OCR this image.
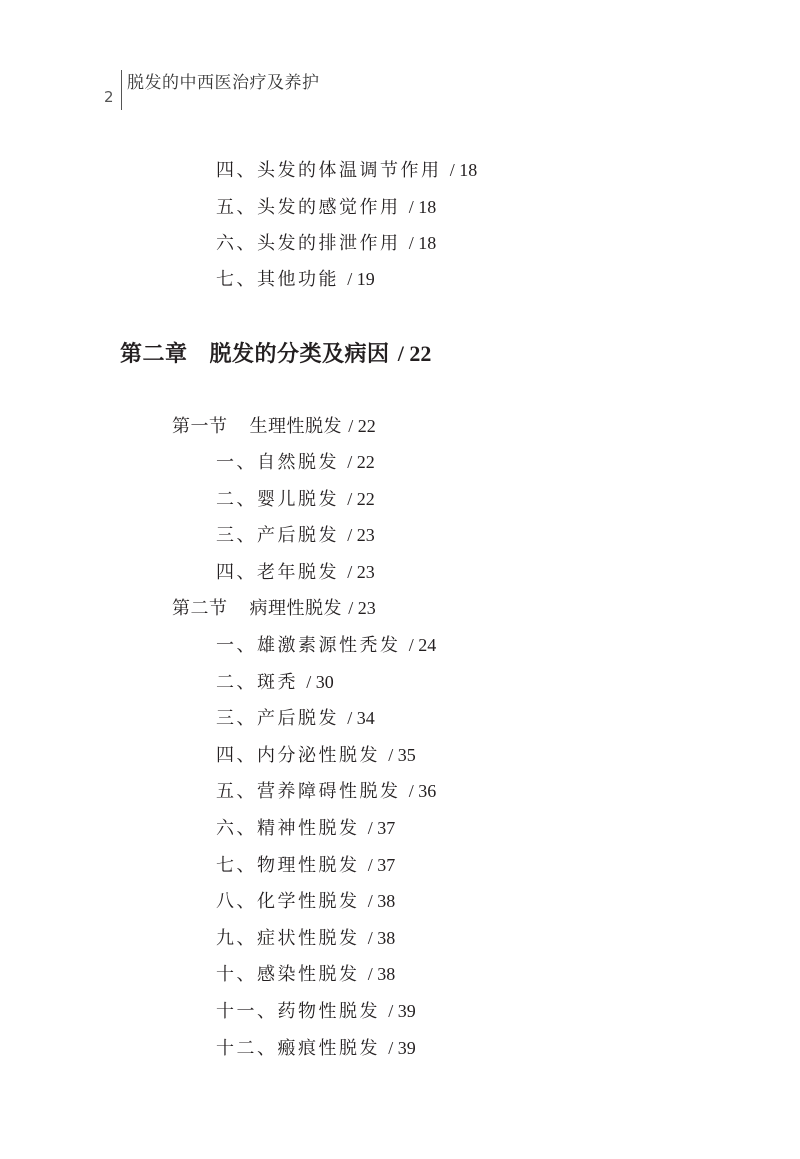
2
脱发的中西医治疗及养护
四、头发的体温调节作用 / 18
五、头发的感觉作用 / 18
六、头发的排泄作用 / 18
七、其他功能 / 19
第二章 脱发的分类及病因 / 22
第一节 生理性脱发 / 22
一、自然脱发 / 22
二、婴儿脱发 / 22
三、产后脱发 / 23
四、老年脱发 / 23
第二节 病理性脱发 / 23
一、雄激素源性秃发 / 24
二、斑秃 / 30
三、产后脱发 / 34
四、内分泌性脱发 / 35
五、营养障碍性脱发 / 36
六、精神性脱发 / 37
七、物理性脱发 / 37
八、化学性脱发 / 38
九、症状性脱发 / 38
十、感染性脱发 / 38
十一、药物性脱发 / 39
十二、瘢痕性脱发 / 39
